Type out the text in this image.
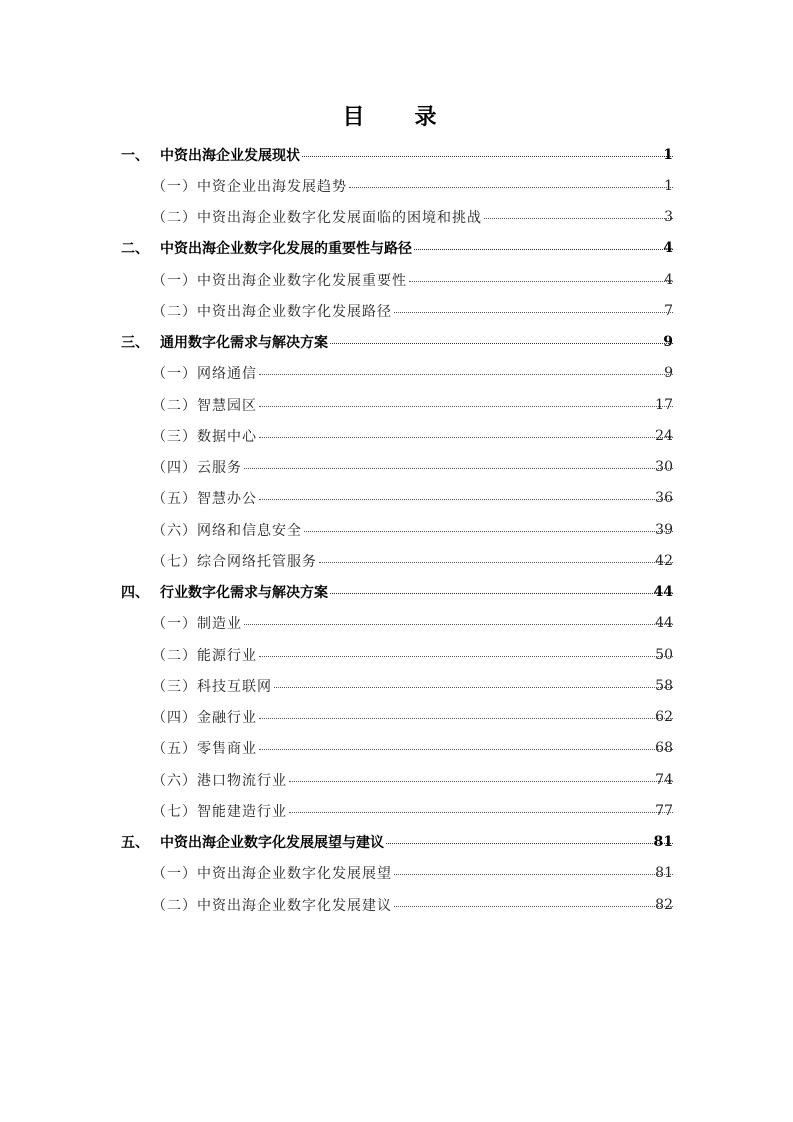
目　录
一、 中资出海企业发展现状	1
（一）中资企业出海发展趋势	1
（二）中资出海企业数字化发展面临的困境和挑战	3
二、 中资出海企业数字化发展的重要性与路径	4
（一）中资出海企业数字化发展重要性	4
（二）中资出海企业数字化发展路径	7
三、 通用数字化需求与解决方案	9
（一）网络通信	9
（二）智慧园区	17
（三）数据中心	24
（四）云服务	30
（五）智慧办公	36
（六）网络和信息安全	39
（七）综合网络托管服务	42
四、 行业数字化需求与解决方案	44
（一）制造业	44
（二）能源行业	50
（三）科技互联网	58
（四）金融行业	62
（五）零售商业	68
（六）港口物流行业	74
（七）智能建造行业	77
五、 中资出海企业数字化发展展望与建议	81
（一）中资出海企业数字化发展展望	81
（二）中资出海企业数字化发展建议	82
